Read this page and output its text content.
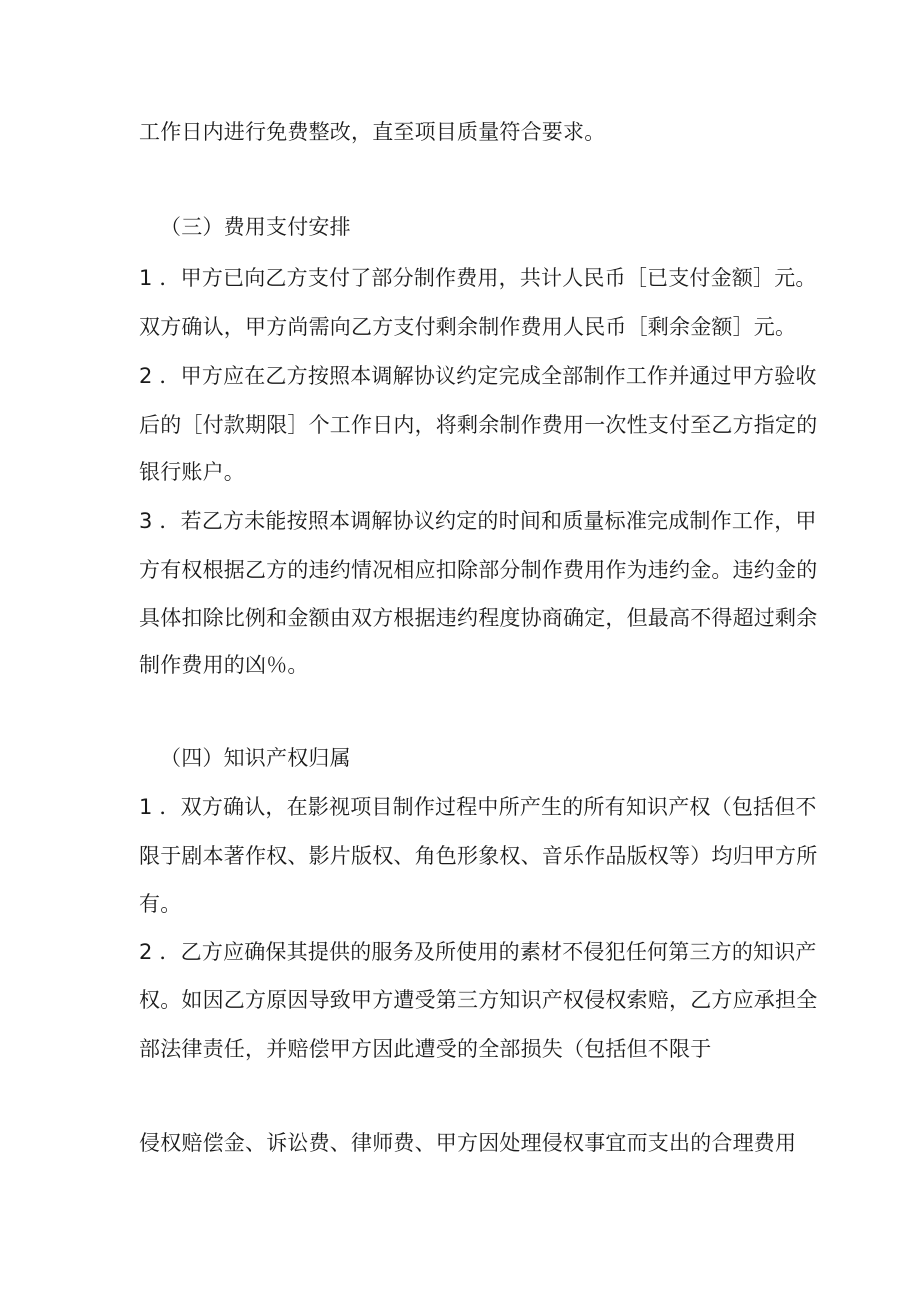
工作日内进行免费整改，直至项目质量符合要求。

（三）费用支付安排

1 ．甲方已向乙方支付了部分制作费用，共计人民币［已支付金额］元。

双方确认，甲方尚需向乙方支付剩余制作费用人民币［剩余金额］元。

2 ．甲方应在乙方按照本调解协议约定完成全部制作工作并通过甲方验收

后的［付款期限］个工作日内，将剩余制作费用一次性支付至乙方指定的

银行账户。

3 ．若乙方未能按照本调解协议约定的时间和质量标准完成制作工作，甲

方有权根据乙方的违约情况相应扣除部分制作费用作为违约金。违约金的

具体扣除比例和金额由双方根据违约程度协商确定，但最高不得超过剩余

制作费用的凶％。

（四）知识产权归属

1 ．双方确认，在影视项目制作过程中所产生的所有知识产权（包括但不

限于剧本著作权、影片版权、角色形象权、音乐作品版权等）均归甲方所

有。

2 ．乙方应确保其提供的服务及所使用的素材不侵犯任何第三方的知识产

权。如因乙方原因导致甲方遭受第三方知识产权侵权索赔，乙方应承担全

部法律责任，并赔偿甲方因此遭受的全部损失（包括但不限于

侵权赔偿金、诉讼费、律师费、甲方因处理侵权事宜而支出的合理费用
